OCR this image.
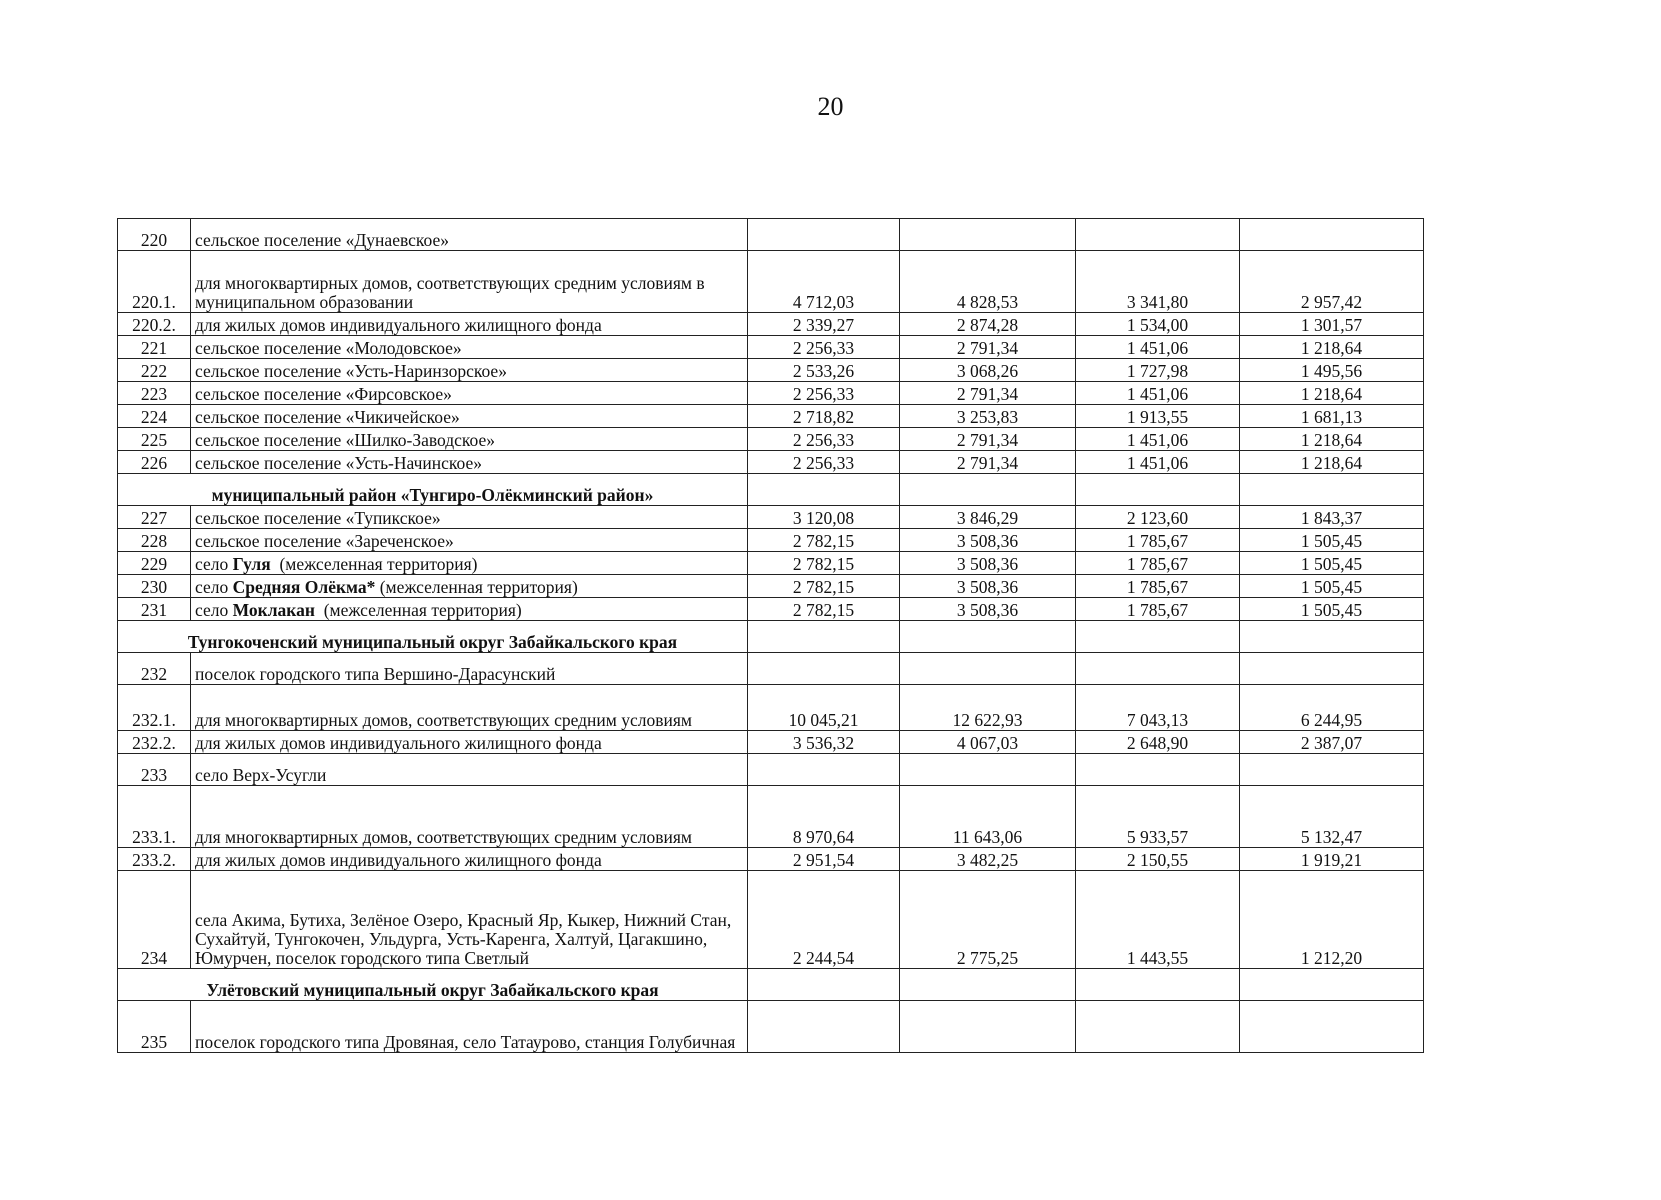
20
220	сельское поселение «Дунаевское»				
220.1.	для многоквартирных домов, соответствующих средним условиям в муниципальном образовании	4 712,03	4 828,53	3 341,80	2 957,42
220.2.	для жилых домов индивидуального жилищного фонда	2 339,27	2 874,28	1 534,00	1 301,57
221	сельское поселение «Молодовское»	2 256,33	2 791,34	1 451,06	1 218,64
222	сельское поселение «Усть-Наринзорское»	2 533,26	3 068,26	1 727,98	1 495,56
223	сельское поселение «Фирсовское»	2 256,33	2 791,34	1 451,06	1 218,64
224	сельское поселение «Чикичейское»	2 718,82	3 253,83	1 913,55	1 681,13
225	сельское поселение «Шилко-Заводское»	2 256,33	2 791,34	1 451,06	1 218,64
226	сельское поселение «Усть-Начинское»	2 256,33	2 791,34	1 451,06	1 218,64
муниципальный район «Тунгиро-Олёкминский район»					
227	сельское поселение «Тупикское»	3 120,08	3 846,29	2 123,60	1 843,37
228	сельское поселение «Зареченское»	2 782,15	3 508,36	1 785,67	1 505,45
229	село Гуля  (межселенная территория)	2 782,15	3 508,36	1 785,67	1 505,45
230	село Средняя Олёкма* (межселенная территория)	2 782,15	3 508,36	1 785,67	1 505,45
231	село Моклакан  (межселенная территория)	2 782,15	3 508,36	1 785,67	1 505,45
Тунгокоченский муниципальный округ Забайкальского края					
232	поселок городского типа Вершино-Дарасунский				
232.1.	для многоквартирных домов, соответствующих средним условиям	10 045,21	12 622,93	7 043,13	6 244,95
232.2.	для жилых домов индивидуального жилищного фонда	3 536,32	4 067,03	2 648,90	2 387,07
233	село Верх-Усугли				
233.1.	для многоквартирных домов, соответствующих средним условиям	8 970,64	11 643,06	5 933,57	5 132,47
233.2.	для жилых домов индивидуального жилищного фонда	2 951,54	3 482,25	2 150,55	1 919,21
234	села Акима, Бутиха, Зелёное Озеро, Красный Яр, Кыкер, Нижний Стан, Сухайтуй, Тунгокочен, Ульдурга, Усть-Каренга, Халтуй, Цагакшино, Юмурчен, поселок городского типа Светлый	2 244,54	2 775,25	1 443,55	1 212,20
Улётовский муниципальный округ Забайкальского края					
235	поселок городского типа Дровяная, село Татаурово, станция Голубичная				
